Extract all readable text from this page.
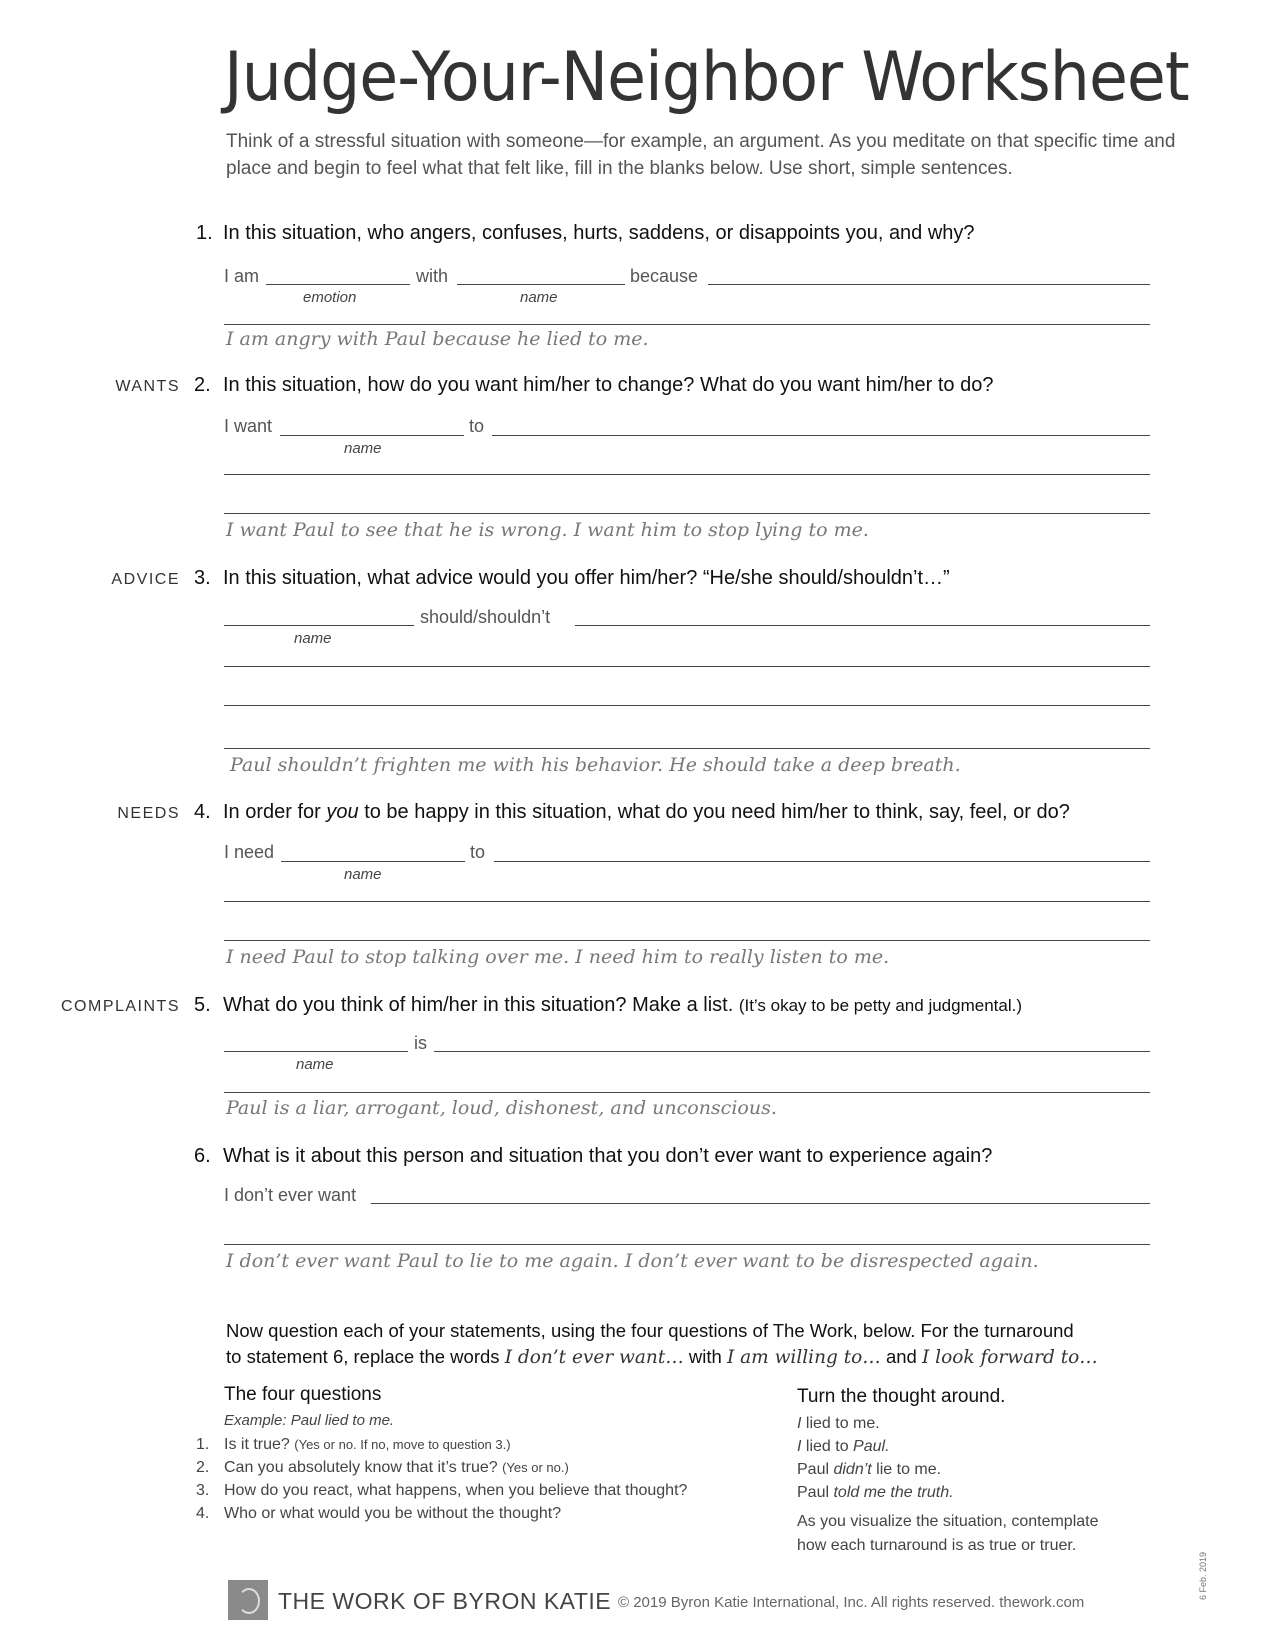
Judge-Your-Neighbor Worksheet
Think of a stressful situation with someone—for example, an argument. As you meditate on that specific time and place and begin to feel what that felt like, fill in the blanks below. Use short, simple sentences.
1. In this situation, who angers, confuses, hurts, saddens, or disappoints you, and why?
I am	with	because
emotion	name
I am angry with Paul because he lied to me.
WANTS 2. In this situation, how do you want him/her to change? What do you want him/her to do?
I want	to
name
I want Paul to see that he is wrong. I want him to stop lying to me.
ADVICE 3. In this situation, what advice would you offer him/her? “He/she should/shouldn’t…”
should/shouldn’t
name
Paul shouldn’t frighten me with his behavior. He should take a deep breath.
NEEDS 4. In order for you to be happy in this situation, what do you need him/her to think, say, feel, or do?
I need	to
name
I need Paul to stop talking over me. I need him to really listen to me.
COMPLAINTS 5. What do you think of him/her in this situation? Make a list. (It’s okay to be petty and judgmental.)
is
name
Paul is a liar, arrogant, loud, dishonest, and unconscious.
6. What is it about this person and situation that you don’t ever want to experience again?
I don’t ever want
I don’t ever want Paul to lie to me again. I don’t ever want to be disrespected again.
Now question each of your statements, using the four questions of The Work, below. For the turnaround
to statement 6, replace the words I don’t ever want… with I am willing to… and I look forward to…
The four questions
Example: Paul lied to me.
1. Is it true? (Yes or no. If no, move to question 3.)
2. Can you absolutely know that it’s true? (Yes or no.)
3. How do you react, what happens, when you believe that thought?
4. Who or what would you be without the thought?
Turn the thought around.
I lied to me.
I lied to Paul.
Paul didn’t lie to me.
Paul told me the truth.
As you visualize the situation, contemplate
how each turnaround is as true or truer.
THE WORK OF BYRON KATIE © 2019 Byron Katie International, Inc. All rights reserved. thework.com
6 Feb. 2019
